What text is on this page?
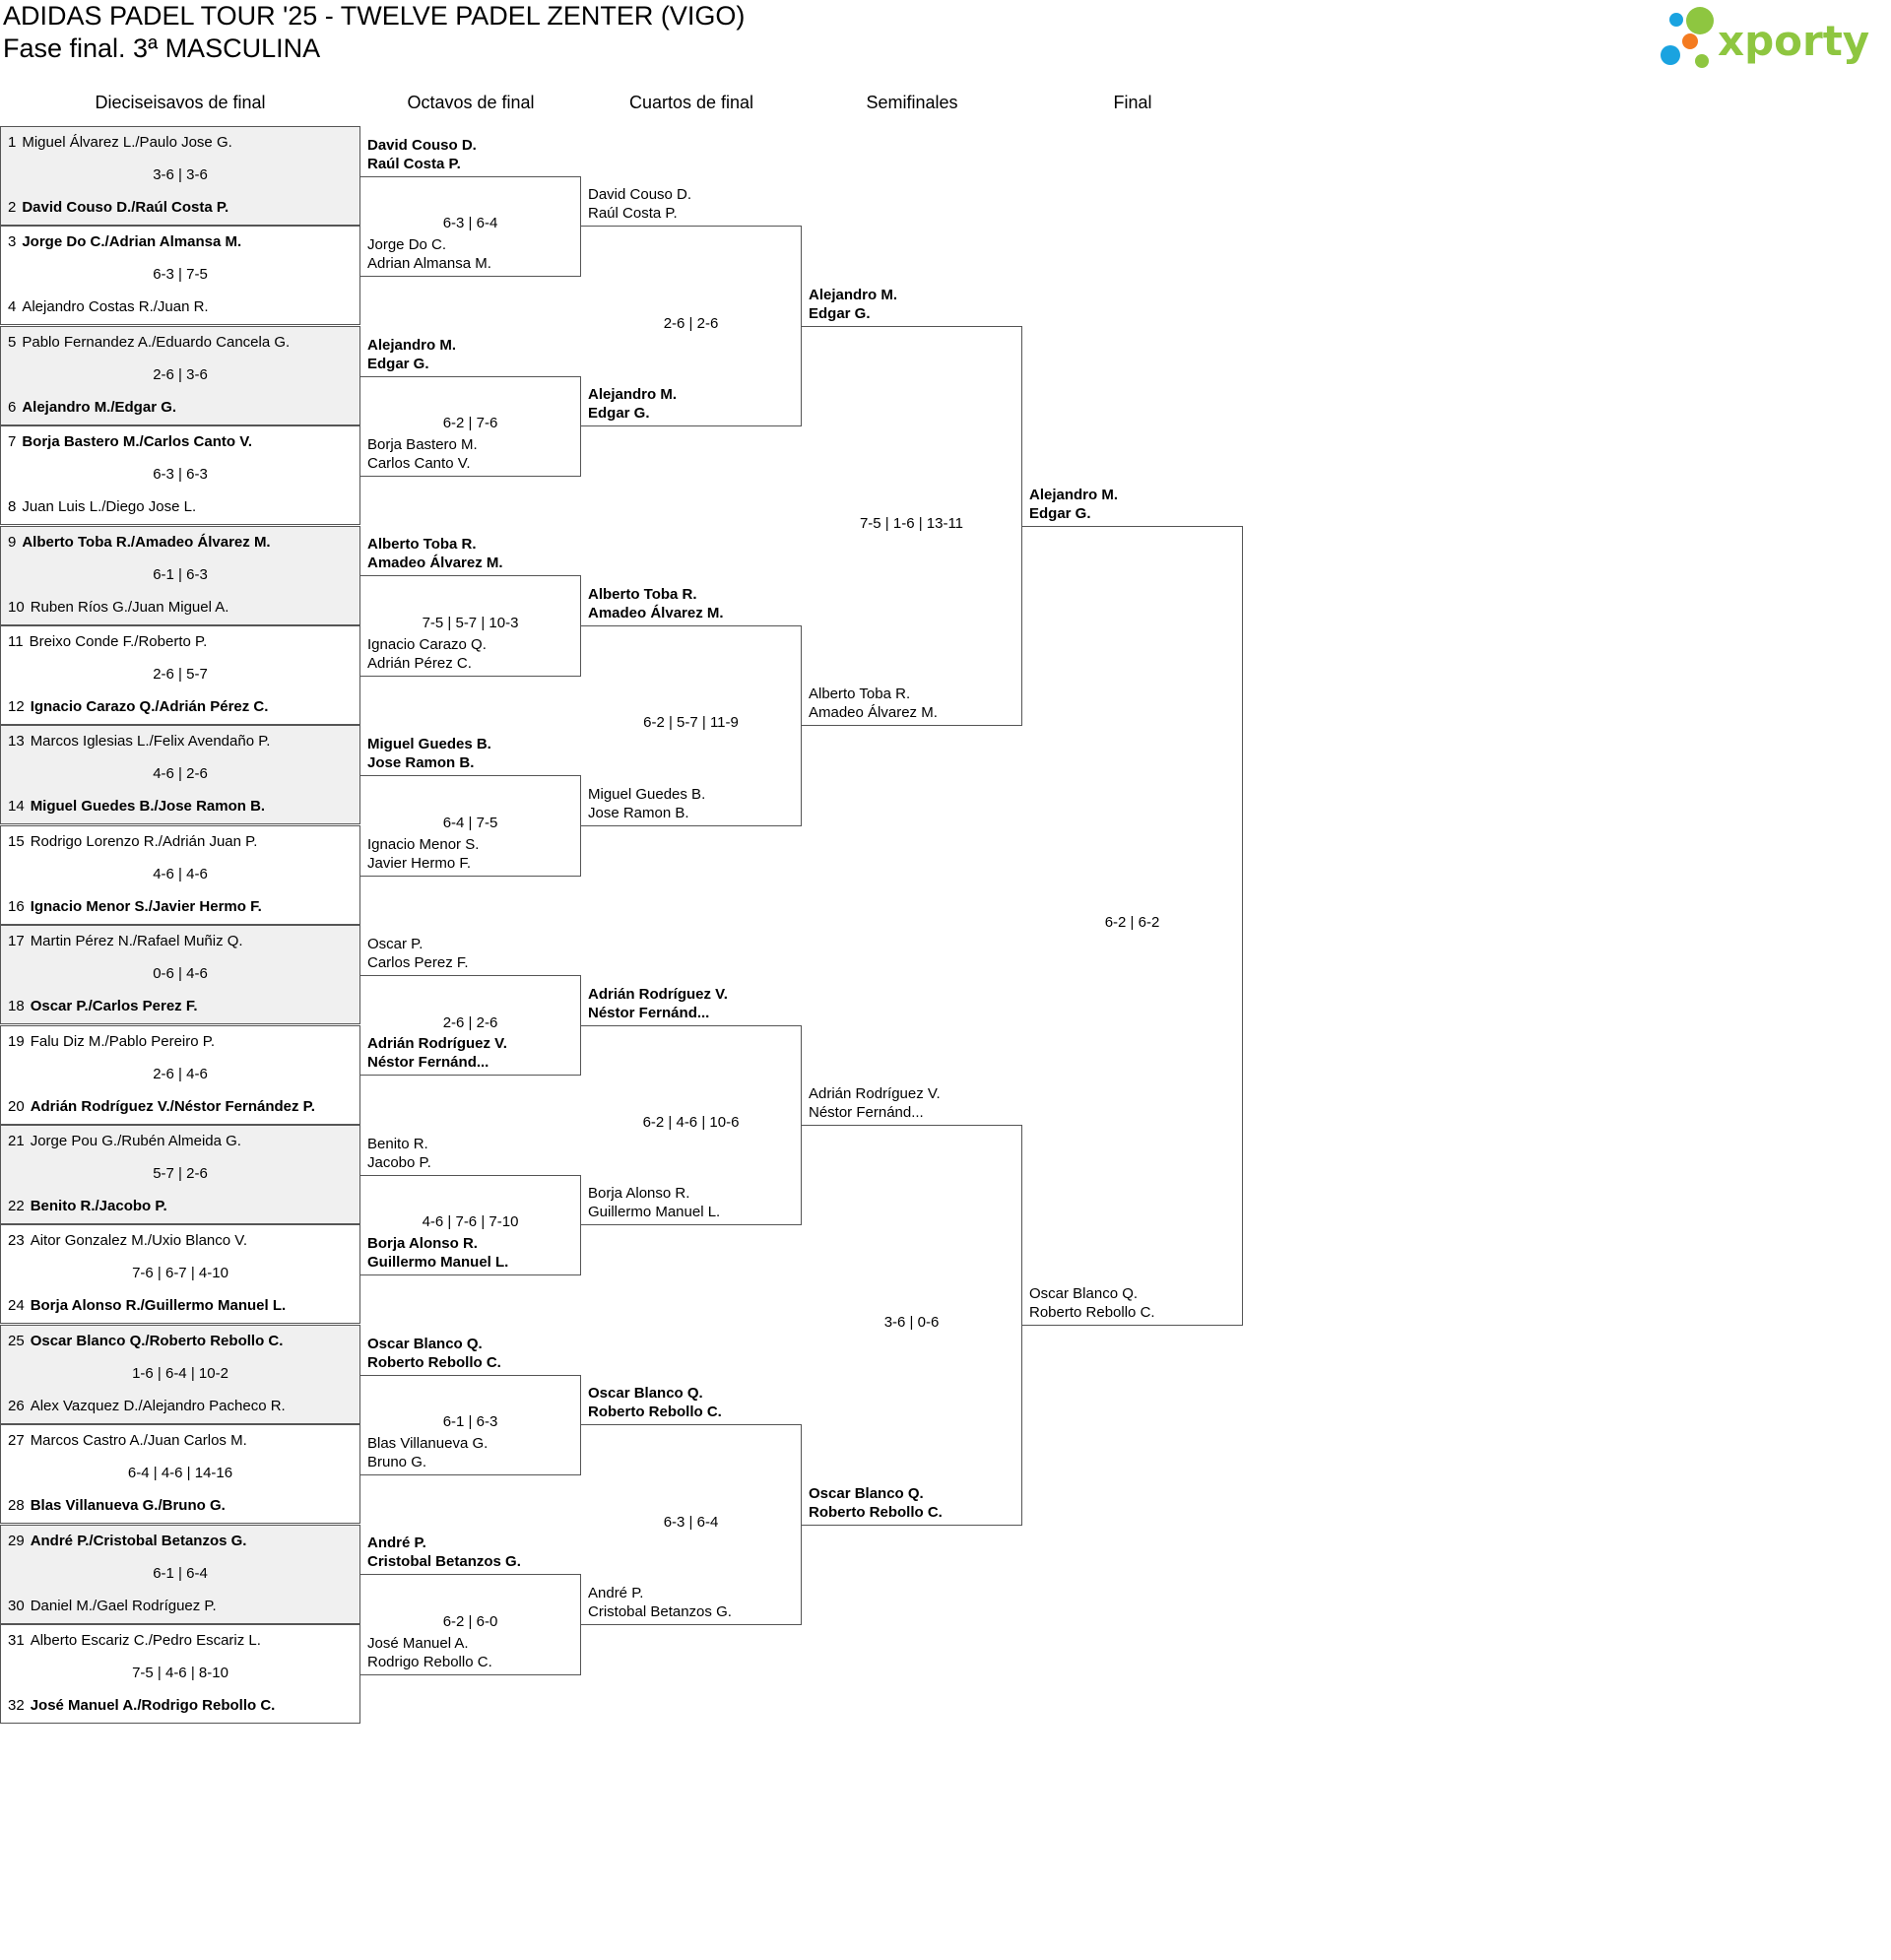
ADIDAS PADEL TOUR '25 - TWELVE PADEL ZENTER (VIGO)
Fase final. 3ª MASCULINA	xporty
Dieciseisavos de final	Octavos de final	Cuartos de final	Semifinales	Final
1 Miguel Álvarez L./Paulo Jose G.
2 David Couso D./Raúl Costa P.
3-6 | 3-6
3 Jorge Do C./Adrian Almansa M.
4 Alejandro Costas R./Juan R.
6-3 | 7-5
5 Pablo Fernandez A./Eduardo Cancela G.
6 Alejandro M./Edgar G.
2-6 | 3-6
7 Borja Bastero M./Carlos Canto V.
8 Juan Luis L./Diego Jose L.
6-3 | 6-3
9 Alberto Toba R./Amadeo Álvarez M.
10 Ruben Ríos G./Juan Miguel A.
6-1 | 6-3
11 Breixo Conde F./Roberto P.
12 Ignacio Carazo Q./Adrián Pérez C.
2-6 | 5-7
13 Marcos Iglesias L./Felix Avendaño P.
14 Miguel Guedes B./Jose Ramon B.
4-6 | 2-6
15 Rodrigo Lorenzo R./Adrián Juan P.
16 Ignacio Menor S./Javier Hermo F.
4-6 | 4-6
17 Martin Pérez N./Rafael Muñiz Q.
18 Oscar P./Carlos Perez F.
0-6 | 4-6
19 Falu Diz M./Pablo Pereiro P.
20 Adrián Rodríguez V./Néstor Fernández P.
2-6 | 4-6
21 Jorge Pou G./Rubén Almeida G.
22 Benito R./Jacobo P.
5-7 | 2-6
23 Aitor Gonzalez M./Uxio Blanco V.
24 Borja Alonso R./Guillermo Manuel L.
7-6 | 6-7 | 4-10
25 Oscar Blanco Q./Roberto Rebollo C.
26 Alex Vazquez D./Alejandro Pacheco R.
1-6 | 6-4 | 10-2
27 Marcos Castro A./Juan Carlos M.
28 Blas Villanueva G./Bruno G.
6-4 | 4-6 | 14-16
29 André P./Cristobal Betanzos G.
30 Daniel M./Gael Rodríguez P.
6-1 | 6-4
31 Alberto Escariz C./Pedro Escariz L.
32 José Manuel A./Rodrigo Rebollo C.
7-5 | 4-6 | 8-10
David Couso D.
Raúl Costa P.
Jorge Do C.
Adrian Almansa M.
6-3 | 6-4
Alejandro M.
Edgar G.
Borja Bastero M.
Carlos Canto V.
6-2 | 7-6
Alberto Toba R.
Amadeo Álvarez M.
Ignacio Carazo Q.
Adrián Pérez C.
7-5 | 5-7 | 10-3
Miguel Guedes B.
Jose Ramon B.
Ignacio Menor S.
Javier Hermo F.
6-4 | 7-5
Oscar P.
Carlos Perez F.
Adrián Rodríguez V.
Néstor Fernánd...
2-6 | 2-6
Benito R.
Jacobo P.
Borja Alonso R.
Guillermo Manuel L.
4-6 | 7-6 | 7-10
Oscar Blanco Q.
Roberto Rebollo C.
Blas Villanueva G.
Bruno G.
6-1 | 6-3
André P.
Cristobal Betanzos G.
José Manuel A.
Rodrigo Rebollo C.
6-2 | 6-0
David Couso D.
Raúl Costa P.
Alejandro M.
Edgar G.
2-6 | 2-6
Alberto Toba R.
Amadeo Álvarez M.
Miguel Guedes B.
Jose Ramon B.
6-2 | 5-7 | 11-9
Adrián Rodríguez V.
Néstor Fernánd...
Borja Alonso R.
Guillermo Manuel L.
6-2 | 4-6 | 10-6
Oscar Blanco Q.
Roberto Rebollo C.
André P.
Cristobal Betanzos G.
6-3 | 6-4
Alejandro M.
Edgar G.
Alberto Toba R.
Amadeo Álvarez M.
7-5 | 1-6 | 13-11
Adrián Rodríguez V.
Néstor Fernánd...
Oscar Blanco Q.
Roberto Rebollo C.
3-6 | 0-6
Alejandro M.
Edgar G.
Oscar Blanco Q.
Roberto Rebollo C.
6-2 | 6-2
